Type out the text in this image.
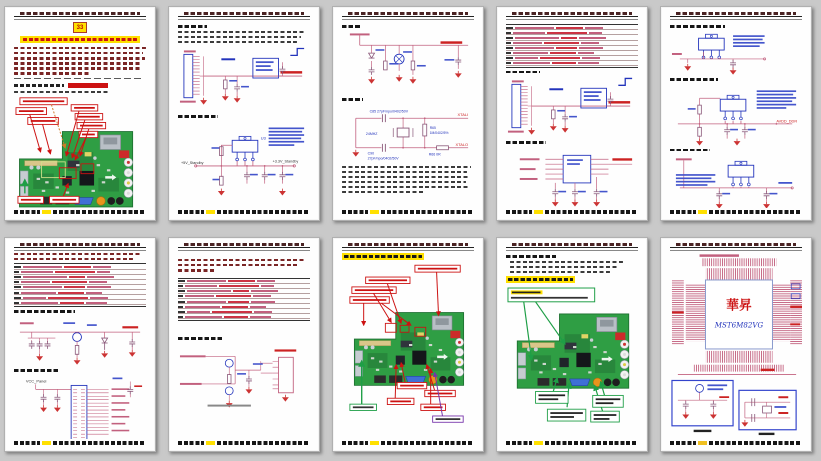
33
U3
+5V_Standby	+3.3V_Standby
C85 27pF/npo/0402/50V
XTALI
24MHZ
R65
1M/0402/5%
XTALO
R66 0R
C90
27pF/npo/0402/50V
AVDD_DDR
VCC_Panel
華昇
MST6M82VG
